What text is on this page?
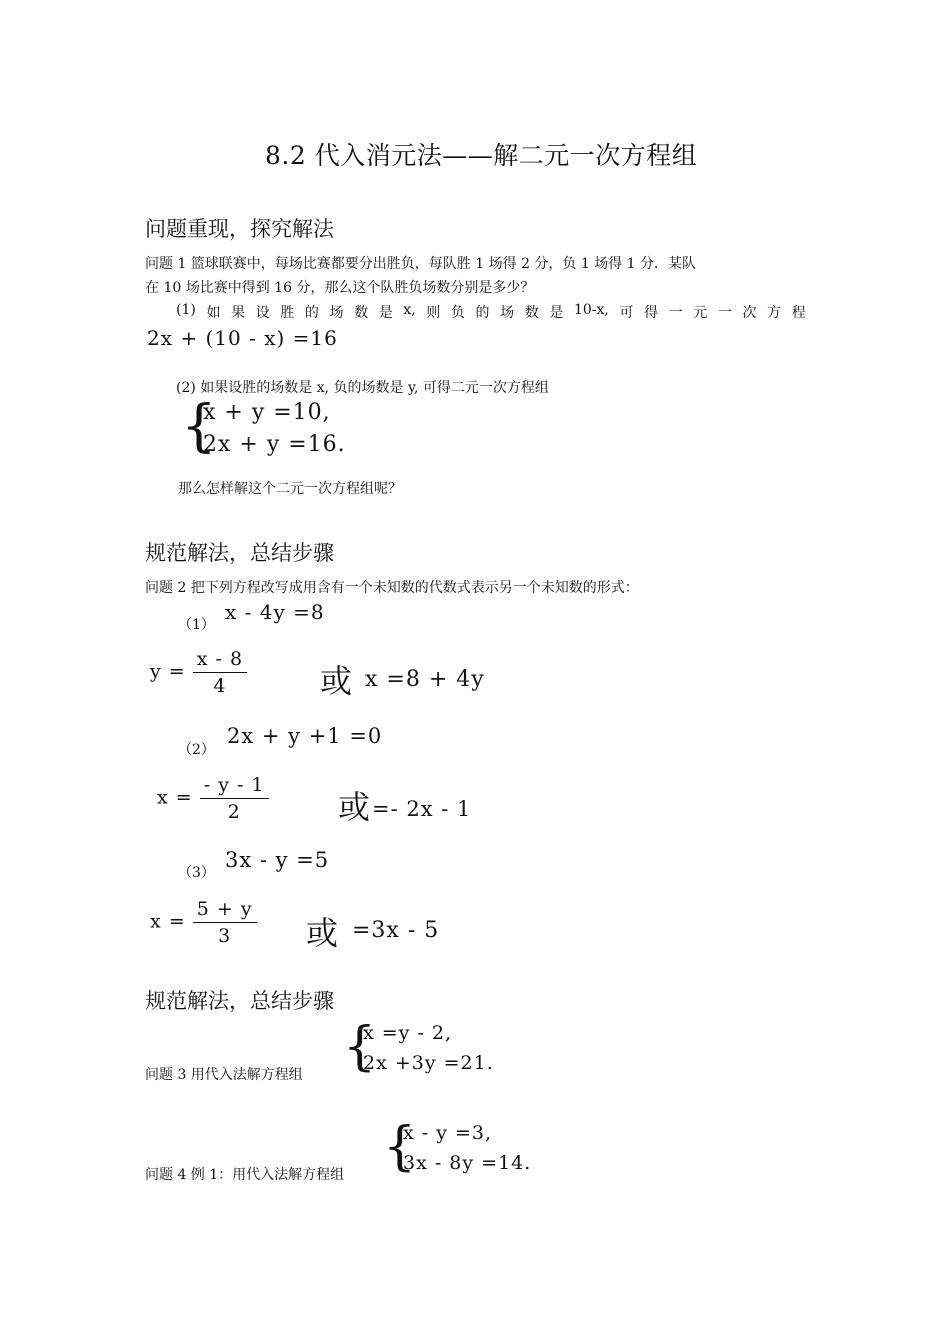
8.2 代入消元法——解二元一次方程组
问题重现，探究解法
问题 1 篮球联赛中，每场比赛都要分出胜负，每队胜 1 场得 2 分，负 1 场得 1 分．某队
在 10 场比赛中得到 16 分，那么这个队胜负场数分别是多少？
(1) 如 果 设 胜 的 场 数 是 x, 则 负 的 场 数 是 10-x, 可 得 一 元 一 次 方 程
2x + (10 - x) =16
(2) 如果设胜的场数是 x, 负的场数是 y, 可得二元一次方程组
{
x + y =10,
2x + y =16.
那么怎样解这个二元一次方程组呢？
规范解法，总结步骤
问题 2 把下列方程改写成用含有一个未知数的代数式表示另一个未知数的形式：
（1）
x - 4y =8
$y = \frac{x - 8}{4}$ 或 x =8 + 4y
（2）
2x + y +1 =0
$x = \frac{- y - 1}{2}$ 或 =- 2x - 1
（3）
3x - y =5
$x = \frac{5 + y}{3}$ 或 =3x - 5
规范解法，总结步骤
问题 3 用代入法解方程组 {
x =y - 2,
2x +3y =21.
问题 4 例 1：用代入法解方程组 {
x - y =3,
3x - 8y =14.
